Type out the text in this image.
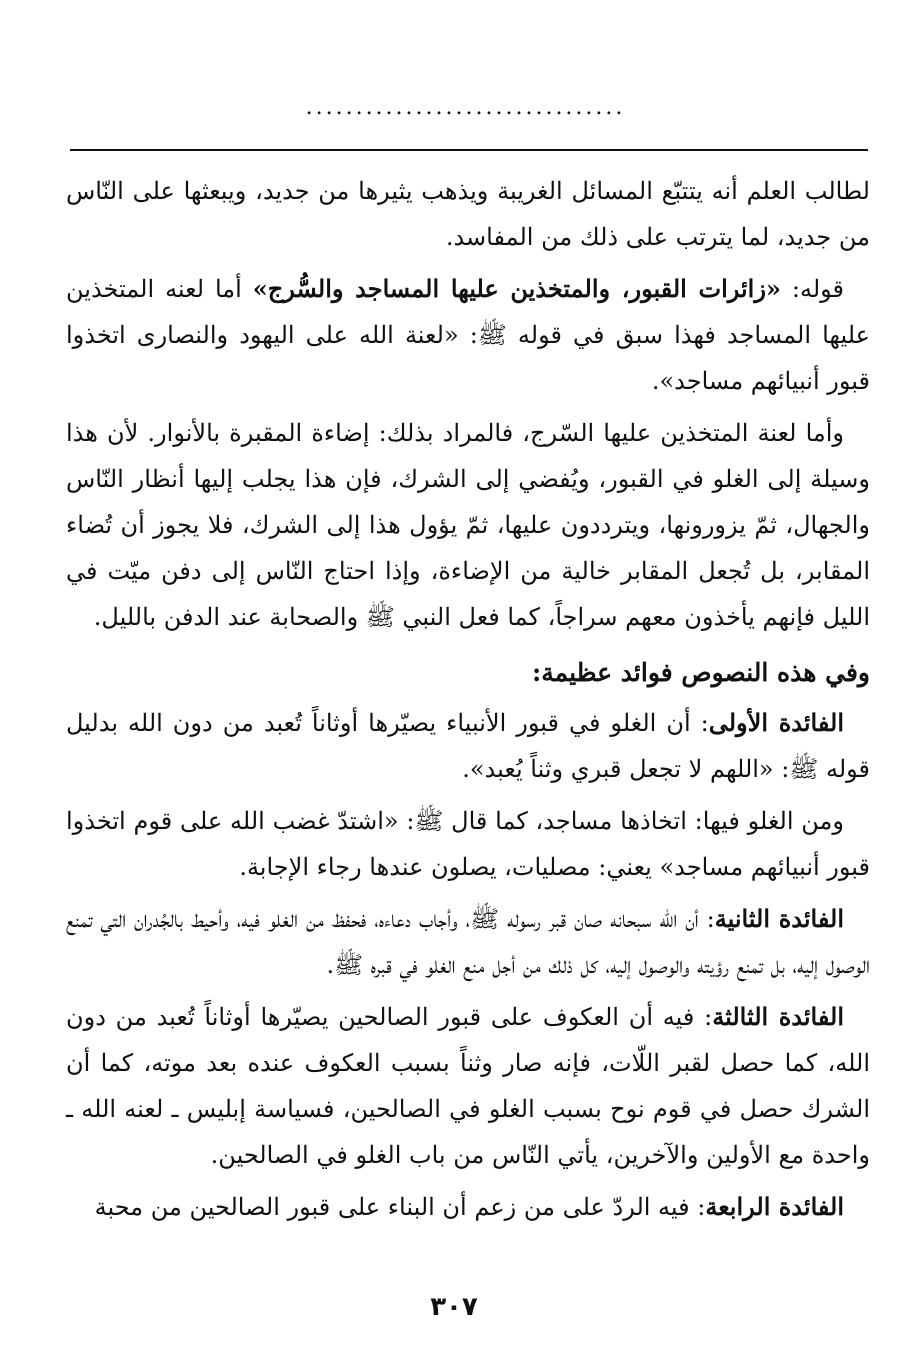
................................

لطالب العلم أنه يتتبّع المسائل الغريبة ويذهب يثيرها من جديد، ويبعثها على النّاس من جديد، لما يترتب على ذلك من المفاسد.

قوله: «زائرات القبور، والمتخذين عليها المساجد والسُّرج» أما لعنه المتخذين عليها المساجد فهذا سبق في قوله ﷺ: «لعنة الله على اليهود والنصارى اتخذوا قبور أنبيائهم مساجد».

وأما لعنة المتخذين عليها السّرج، فالمراد بذلك: إضاءة المقبرة بالأنوار. لأن هذا وسيلة إلى الغلو في القبور، ويُفضي إلى الشرك، فإن هذا يجلب إليها أنظار النّاس والجهال، ثمّ يزورونها، ويترددون عليها، ثمّ يؤول هذا إلى الشرك، فلا يجوز أن تُضاء المقابر، بل تُجعل المقابر خالية من الإضاءة، وإذا احتاج النّاس إلى دفن ميّت في الليل فإنهم يأخذون معهم سراجاً، كما فعل النبي ﷺ والصحابة عند الدفن بالليل.

وفي هذه النصوص فوائد عظيمة:

الفائدة الأولى: أن الغلو في قبور الأنبياء يصيّرها أوثاناً تُعبد من دون الله بدليل قوله ﷺ: «اللهم لا تجعل قبري وثناً يُعبد».

ومن الغلو فيها: اتخاذها مساجد، كما قال ﷺ: «اشتدّ غضب الله على قوم اتخذوا قبور أنبيائهم مساجد» يعني: مصليات، يصلون عندها رجاء الإجابة.

الفائدة الثانية: أن الله سبحانه صان قبر رسوله ﷺ، وأجاب دعاءه، فحفظ من الغلو فيه، وأحيط بالجُدران التي تمنع الوصول إليه، بل تمنع رؤيته والوصول إليه، كل ذلك من أجل منع الغلو في قبره ﷺ.

الفائدة الثالثة: فيه أن العكوف على قبور الصالحين يصيّرها أوثاناً تُعبد من دون الله، كما حصل لقبر اللّات، فإنه صار وثناً بسبب العكوف عنده بعد موته، كما أن الشرك حصل في قوم نوح بسبب الغلو في الصالحين، فسياسة إبليس ـ لعنه الله ـ واحدة مع الأولين والآخرين، يأتي النّاس من باب الغلو في الصالحين.

الفائدة الرابعة: فيه الردّ على من زعم أن البناء على قبور الصالحين من محبة

٣٠٧
